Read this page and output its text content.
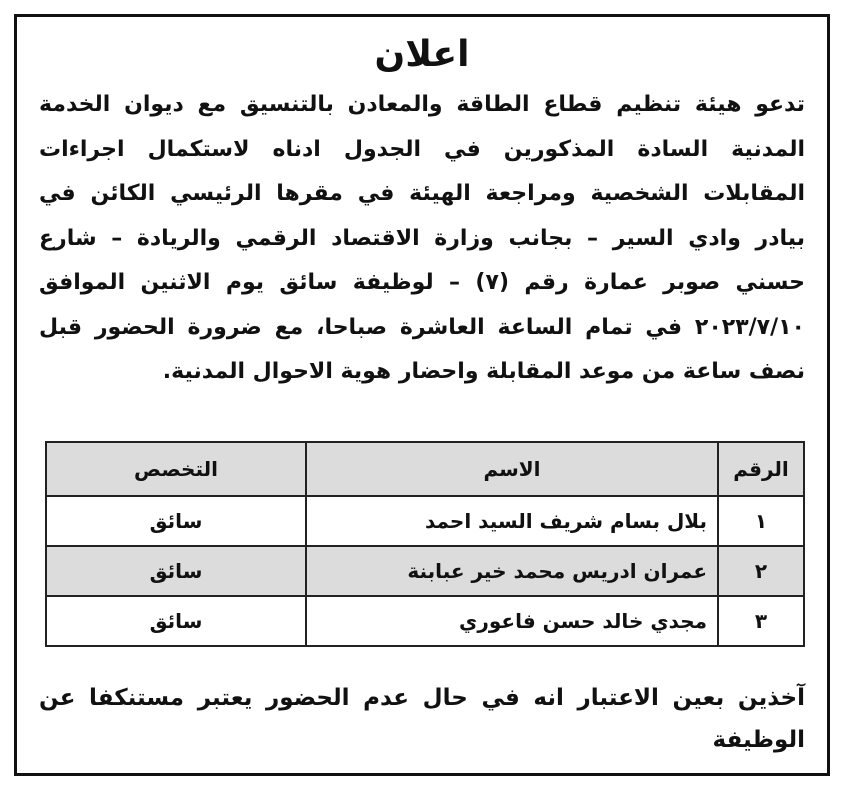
اعلان
تدعو هيئة تنظيم قطاع الطاقة والمعادن بالتنسيق مع ديوان الخدمة المدنية السادة المذكورين في الجدول ادناه لاستكمال اجراءات المقابلات الشخصية ومراجعة الهيئة في مقرها الرئيسي الكائن في بيادر وادي السير – بجانب وزارة الاقتصاد الرقمي والريادة – شارع حسني صوبر عمارة رقم (٧) – لوظيفة سائق يوم الاثنين الموافق ٢٠٢٣/٧/١٠ في تمام الساعة العاشرة صباحا، مع ضرورة الحضور قبل نصف ساعة من موعد المقابلة واحضار هوية الاحوال المدنية.
الرقم	الاسم	التخصص
١	بلال بسام شريف السيد احمد	سائق
٢	عمران ادريس محمد خير عبابنة	سائق
٣	مجدي خالد حسن فاعوري	سائق
آخذين بعين الاعتبار انه في حال عدم الحضور يعتبر مستنكفا عن الوظيفة
